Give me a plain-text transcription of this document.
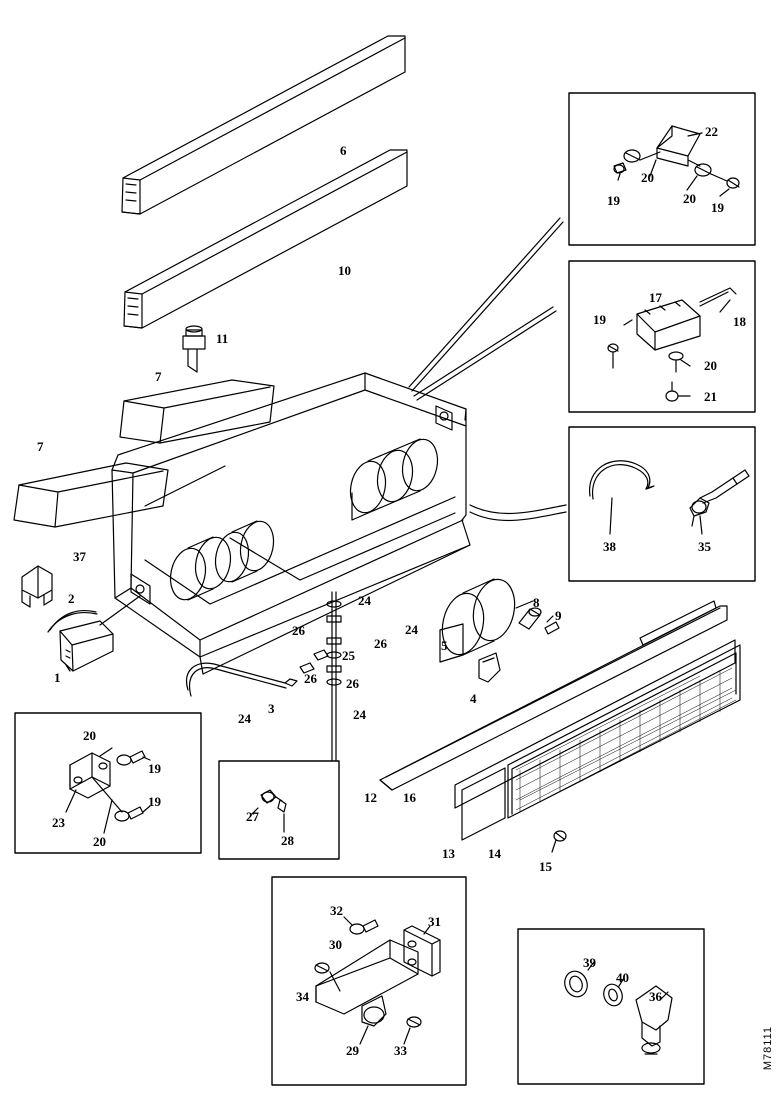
6
10
11
7
7
37
2
1
3
24	24
24
24
26
26 26
26
25
5
4
8
9
12 16
13	14
15
38	35
17
18
19
20
21
22
20
20
19	19
23
20
20
19
19
27
28
32
31
30
34
29	33
39
40
36
M78111
